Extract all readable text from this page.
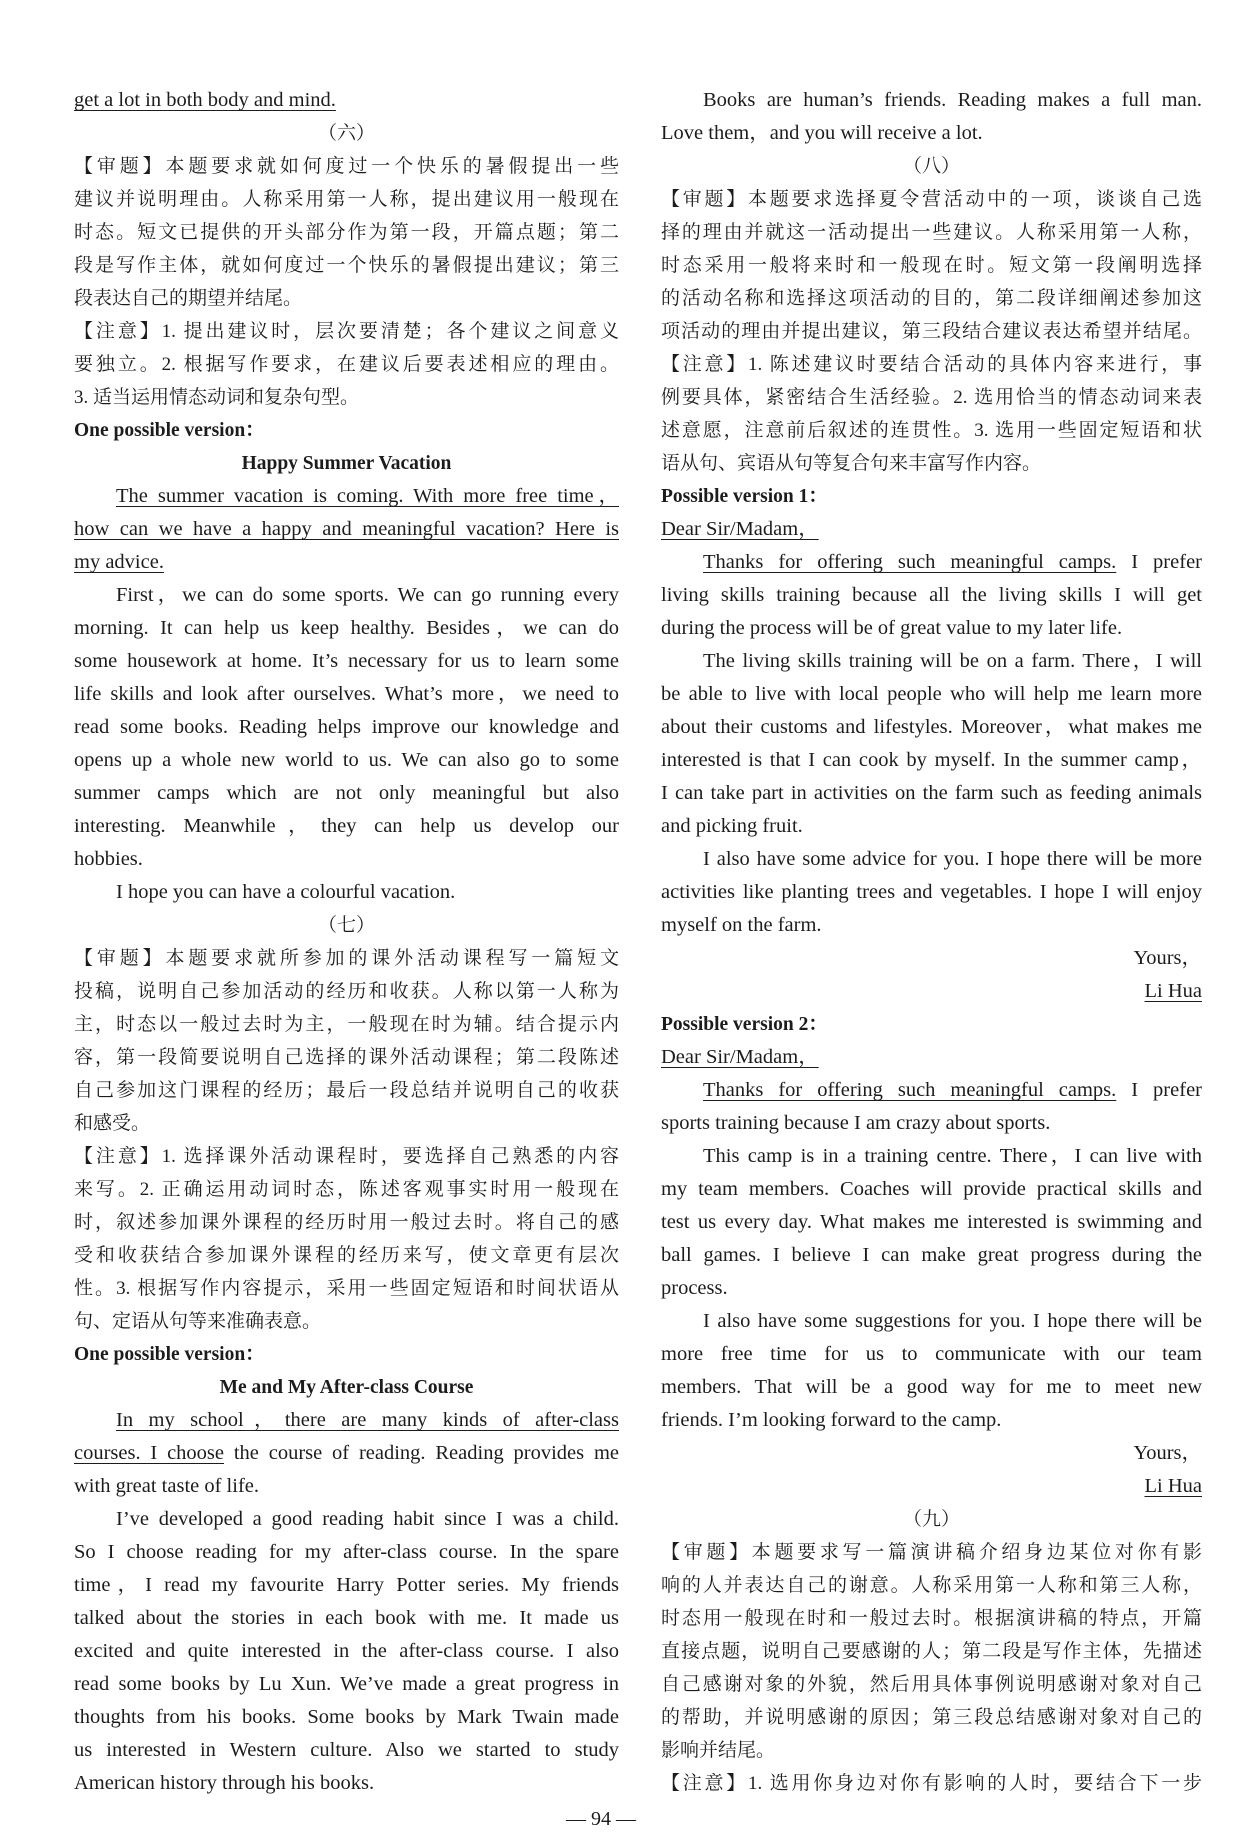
get a lot in both body and mind.
（六）
【审题】本题要求就如何度过一个快乐的暑假提出一些
建议并说明理由。人称采用第一人称，提出建议用一般现在
时态。短文已提供的开头部分作为第一段，开篇点题；第二
段是写作主体，就如何度过一个快乐的暑假提出建议；第三
段表达自己的期望并结尾。
【注意】1. 提出建议时，层次要清楚；各个建议之间意义
要独立。2. 根据写作要求，在建议后要表述相应的理由。
3. 适当运用情态动词和复杂句型。
One possible version：
Happy Summer Vacation
The summer vacation is coming. With more free time，
how can we have a happy and meaningful vacation? Here is
my advice.
First，we can do some sports. We can go running every
morning. It can help us keep healthy. Besides，we can do
some housework at home. It’s necessary for us to learn some
life skills and look after ourselves. What’s more，we need to
read some books. Reading helps improve our knowledge and
opens up a whole new world to us. We can also go to some
summer camps which are not only meaningful but also
interesting. Meanwhile，they can help us develop our
hobbies.
I hope you can have a colourful vacation.
（七）
【审题】本题要求就所参加的课外活动课程写一篇短文
投稿，说明自己参加活动的经历和收获。人称以第一人称为
主，时态以一般过去时为主，一般现在时为辅。结合提示内
容，第一段简要说明自己选择的课外活动课程；第二段陈述
自己参加这门课程的经历；最后一段总结并说明自己的收获
和感受。
【注意】1. 选择课外活动课程时，要选择自己熟悉的内容
来写。2. 正确运用动词时态，陈述客观事实时用一般现在
时，叙述参加课外课程的经历时用一般过去时。将自己的感
受和收获结合参加课外课程的经历来写，使文章更有层次
性。3. 根据写作内容提示，采用一些固定短语和时间状语从
句、定语从句等来准确表意。
One possible version：
Me and My After-class Course
In my school，there are many kinds of after-class
courses. I choose the course of reading. Reading provides me
with great taste of life.
I’ve developed a good reading habit since I was a child.
So I choose reading for my after-class course. In the spare
time，I read my favourite Harry Potter series. My friends
talked about the stories in each book with me. It made us
excited and quite interested in the after-class course. I also
read some books by Lu Xun. We’ve made a great progress in
thoughts from his books. Some books by Mark Twain made
us interested in Western culture. Also we started to study
American history through his books.
Books are human’s friends. Reading makes a full man.
Love them，and you will receive a lot.
（八）
【审题】本题要求选择夏令营活动中的一项，谈谈自己选
择的理由并就这一活动提出一些建议。人称采用第一人称，
时态采用一般将来时和一般现在时。短文第一段阐明选择
的活动名称和选择这项活动的目的，第二段详细阐述参加这
项活动的理由并提出建议，第三段结合建议表达希望并结尾。
【注意】1. 陈述建议时要结合活动的具体内容来进行，事
例要具体，紧密结合生活经验。2. 选用恰当的情态动词来表
述意愿，注意前后叙述的连贯性。3. 选用一些固定短语和状
语从句、宾语从句等复合句来丰富写作内容。
Possible version 1：
Dear Sir/Madam，
Thanks for offering such meaningful camps. I prefer
living skills training because all the living skills I will get
during the process will be of great value to my later life.
The living skills training will be on a farm. There，I will
be able to live with local people who will help me learn more
about their customs and lifestyles. Moreover，what makes me
interested is that I can cook by myself. In the summer camp，
I can take part in activities on the farm such as feeding animals
and picking fruit.
I also have some advice for you. I hope there will be more
activities like planting trees and vegetables. I hope I will enjoy
myself on the farm.
Yours，
Li Hua
Possible version 2：
Dear Sir/Madam，
Thanks for offering such meaningful camps. I prefer
sports training because I am crazy about sports.
This camp is in a training centre. There，I can live with
my team members. Coaches will provide practical skills and
test us every day. What makes me interested is swimming and
ball games. I believe I can make great progress during the
process.
I also have some suggestions for you. I hope there will be
more free time for us to communicate with our team
members. That will be a good way for me to meet new
friends. I’m looking forward to the camp.
Yours，
Li Hua
（九）
【审题】本题要求写一篇演讲稿介绍身边某位对你有影
响的人并表达自己的谢意。人称采用第一人称和第三人称，
时态用一般现在时和一般过去时。根据演讲稿的特点，开篇
直接点题，说明自己要感谢的人；第二段是写作主体，先描述
自己感谢对象的外貌，然后用具体事例说明感谢对象对自己
的帮助，并说明感谢的原因；第三段总结感谢对象对自己的
影响并结尾。
【注意】1. 选用你身边对你有影响的人时，要结合下一步
— 94 —
